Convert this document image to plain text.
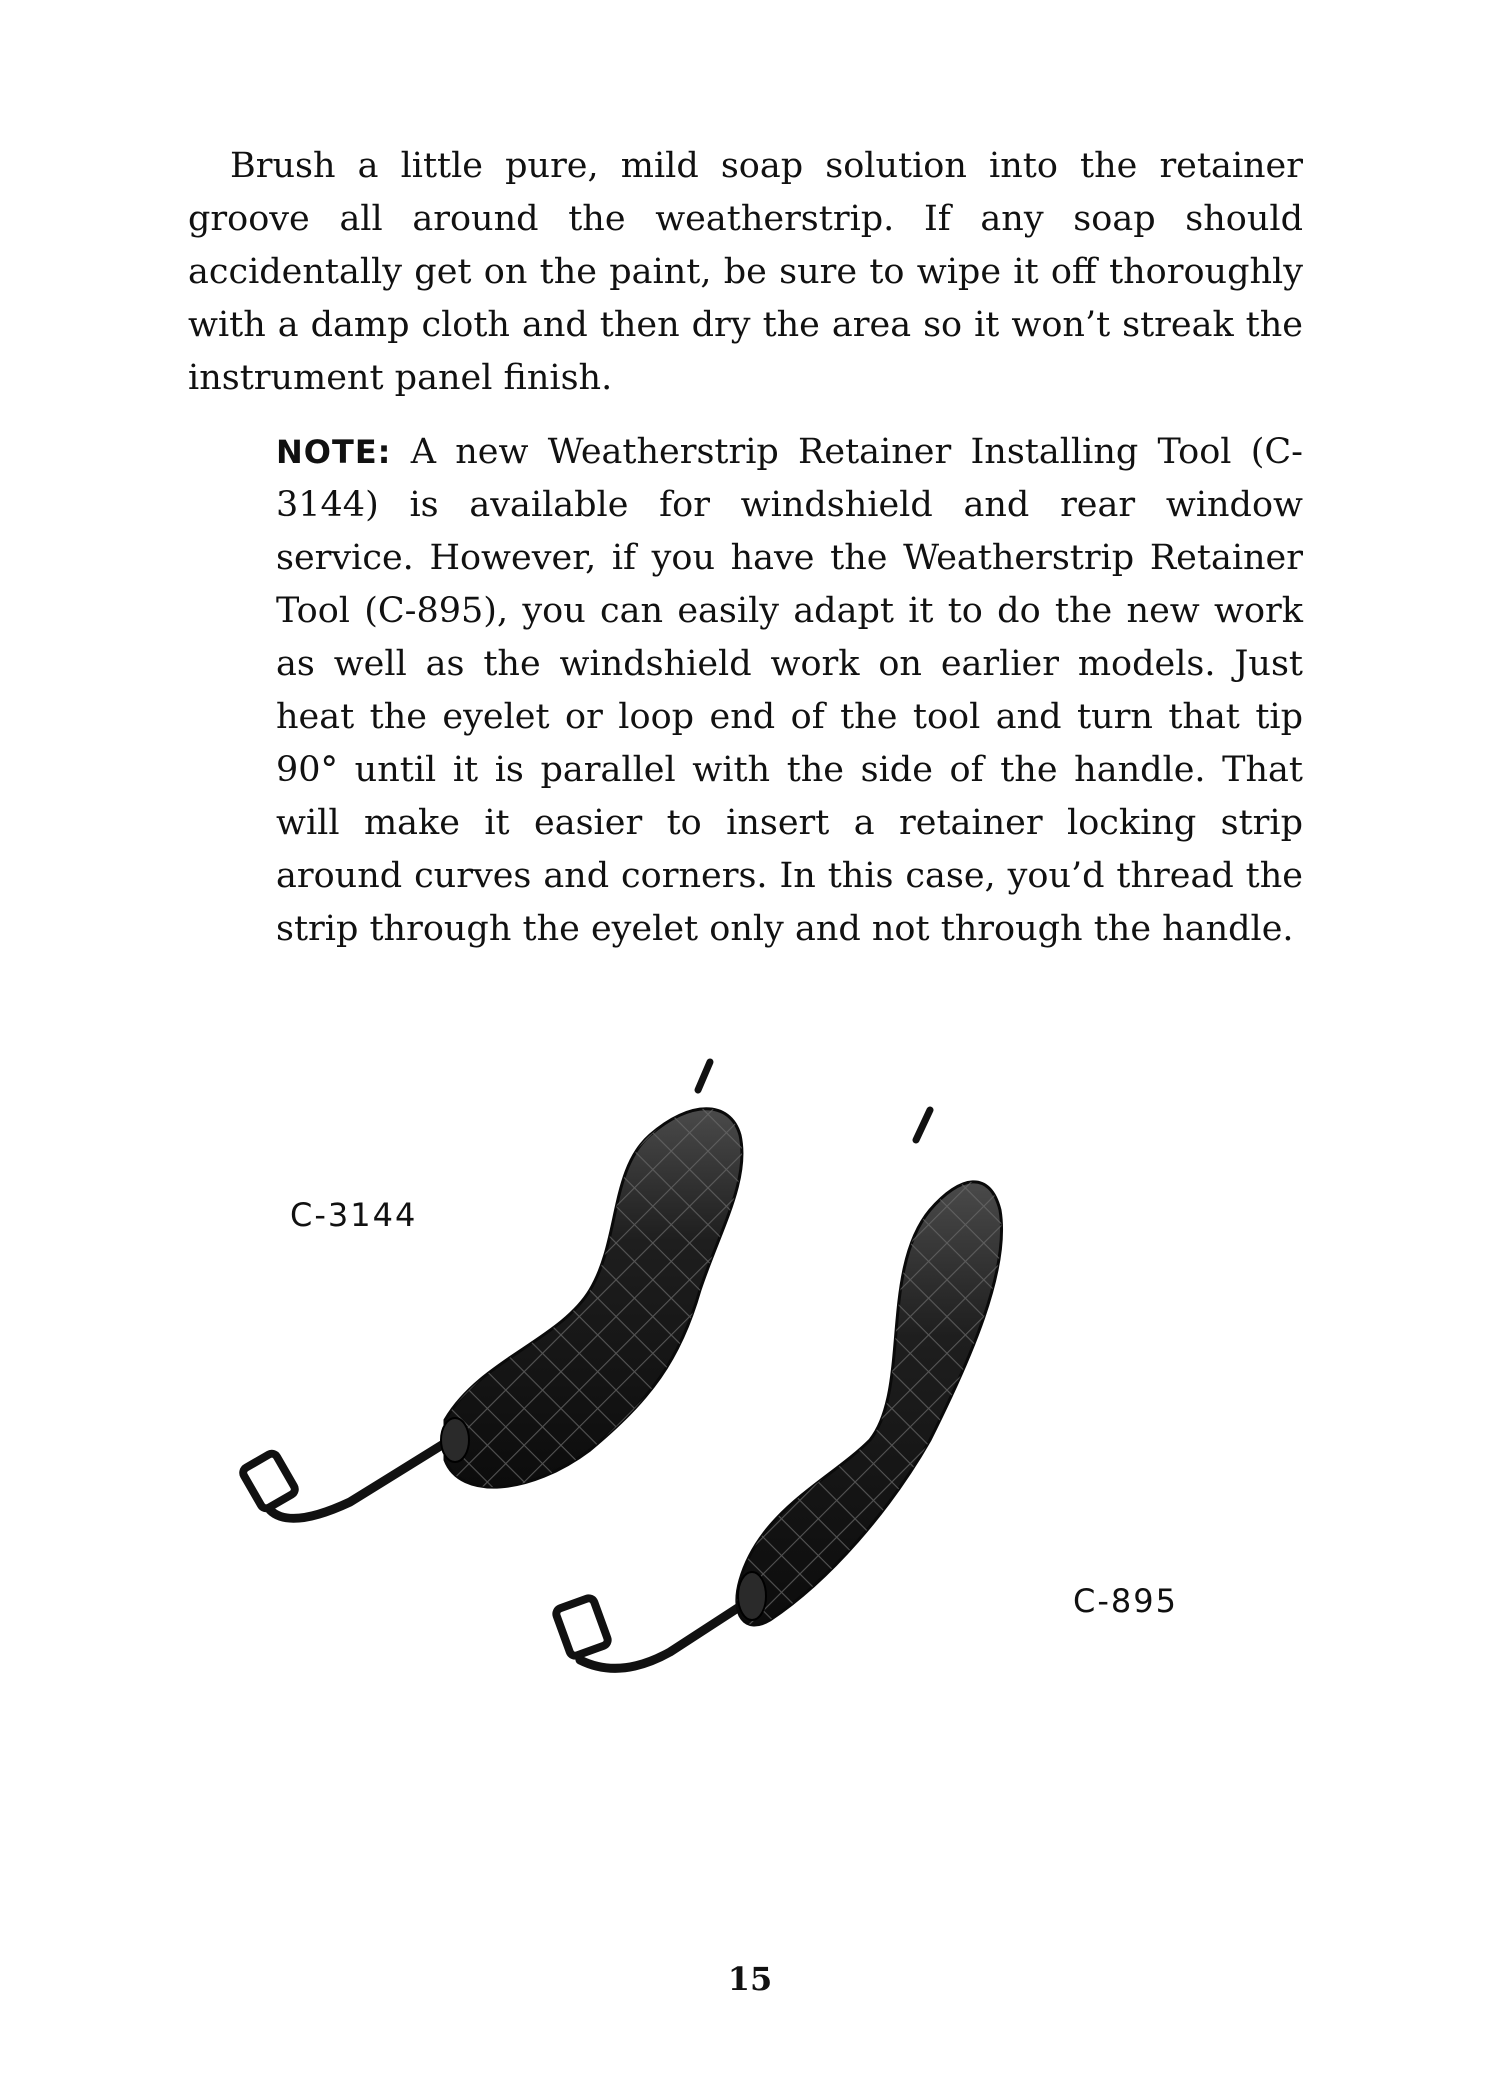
Brush a little pure, mild soap solution into the retainer groove all around the weatherstrip. If any soap should accidentally get on the paint, be sure to wipe it off thoroughly with a damp cloth and then dry the area so it won’t streak the instrument panel finish.

NOTE: A new Weatherstrip Retainer Installing Tool (C-3144) is available for windshield and rear window service. However, if you have the Weatherstrip Retainer Tool (C-895), you can easily adapt it to do the new work as well as the windshield work on earlier models. Just heat the eyelet or loop end of the tool and turn that tip 90° until it is parallel with the side of the handle. That will make it easier to insert a retainer locking strip around curves and corners. In this case, you’d thread the strip through the eyelet only and not through the handle.

C-3144
C-895
15
